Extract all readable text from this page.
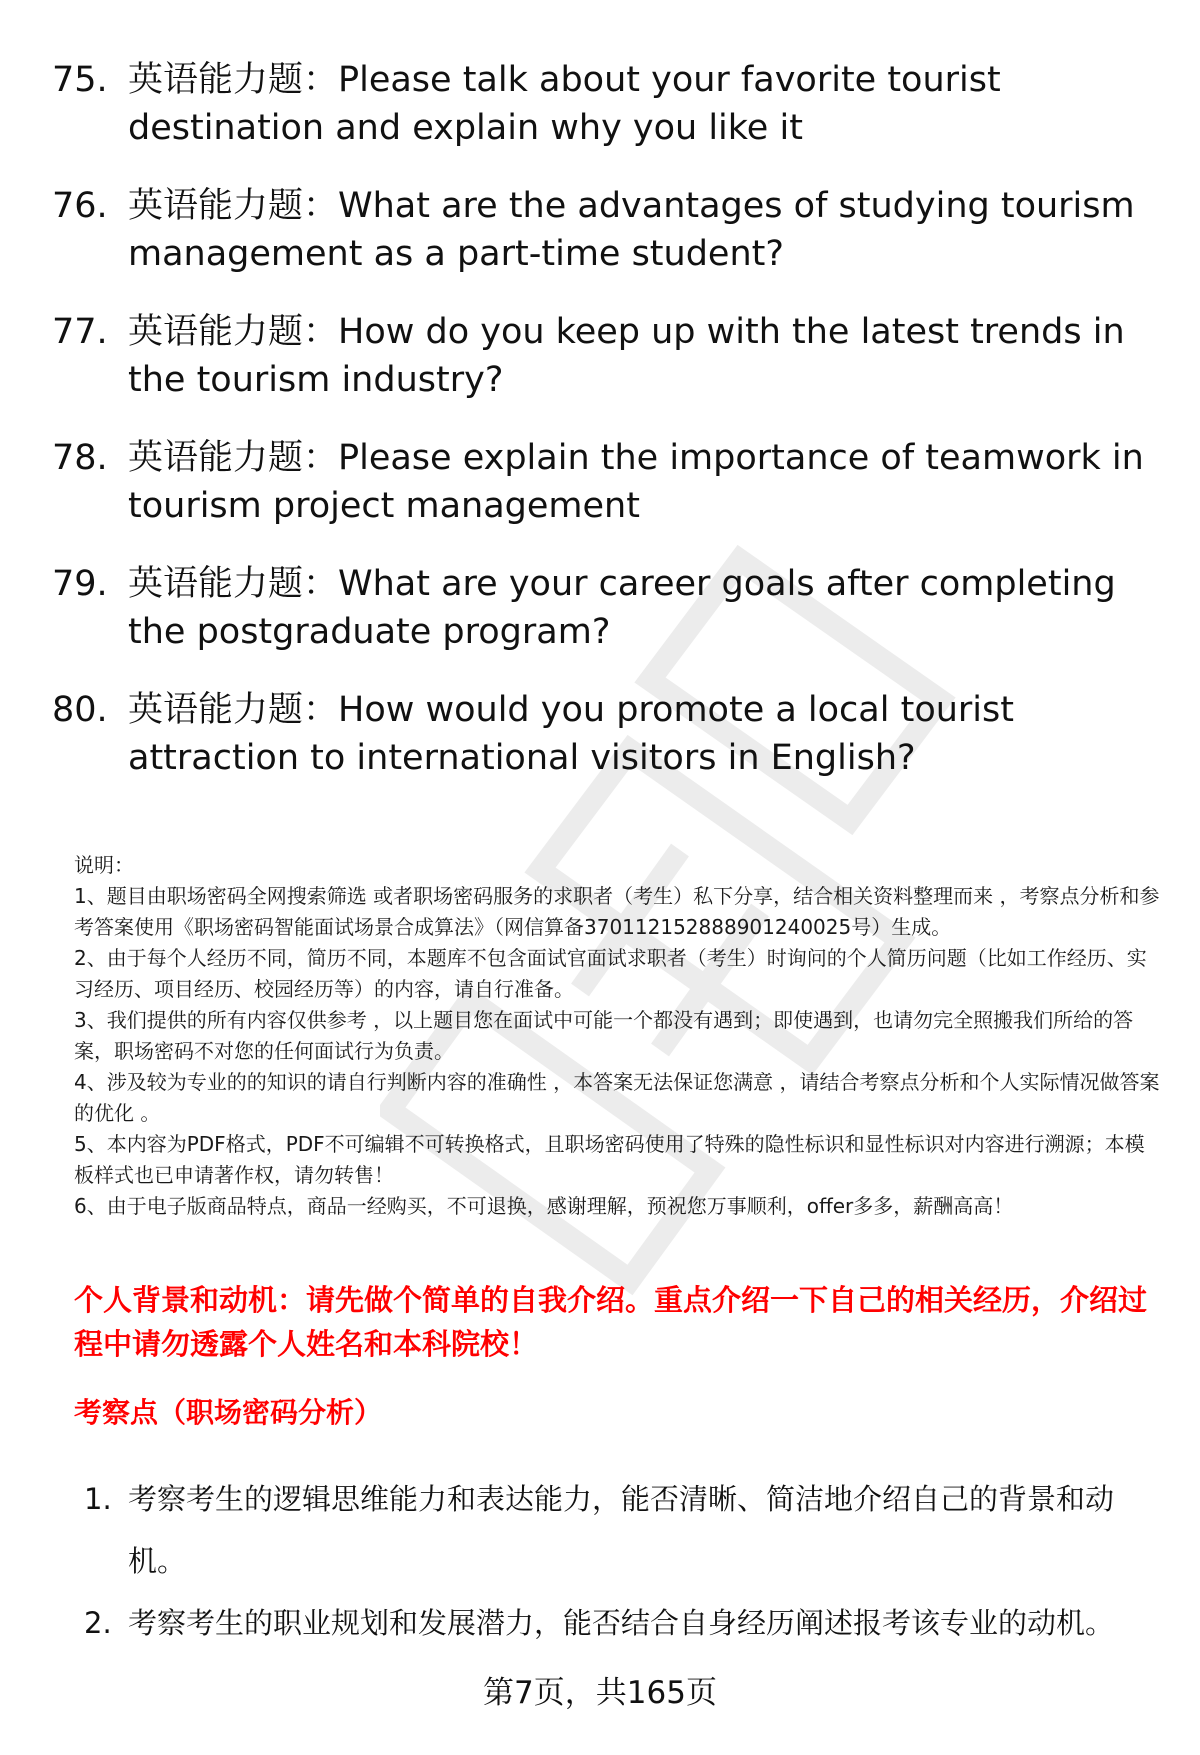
75. 英语能力题：Please talk about your favorite tourist destination and explain why you like it
76. 英语能力题：What are the advantages of studying tourism management as a part-time student?
77. 英语能力题：How do you keep up with the latest trends in the tourism industry?
78. 英语能力题：Please explain the importance of teamwork in tourism project management
79. 英语能力题：What are your career goals after completing the postgraduate program?
80. 英语能力题：How would you promote a local tourist attraction to international visitors in English?

说明：

1、题目由职场密码全网搜索筛选 或者职场密码服务的求职者（考生）私下分享，结合相关资料整理而来 ，考察点分析和参考答案使用《职场密码智能面试场景合成算法》（网信算备370112152888901240025号）生成。

2、由于每个人经历不同，简历不同，本题库不包含面试官面试求职者（考生）时询问的个人简历问题（比如工作经历、实习经历、项目经历、校园经历等）的内容，请自行准备。

3、我们提供的所有内容仅供参考 ，以上题目您在面试中可能一个都没有遇到；即使遇到，也请勿完全照搬我们所给的答案，职场密码不对您的任何面试行为负责。

4、涉及较为专业的的知识的请自行判断内容的准确性 ，本答案无法保证您满意 ，请结合考察点分析和个人实际情况做答案的优化 。

5、本内容为PDF格式，PDF不可编辑不可转换格式，且职场密码使用了特殊的隐性标识和显性标识对内容进行溯源；本模板样式也已申请著作权，请勿转售！

6、由于电子版商品特点，商品一经购买，不可退换，感谢理解，预祝您万事顺利，offer多多，薪酬高高！

个人背景和动机：请先做个简单的自我介绍。重点介绍一下自己的相关经历，介绍过程中请勿透露个人姓名和本科院校！
考察点（职场密码分析）
1. 考察考生的逻辑思维能力和表达能力，能否清晰、简洁地介绍自己的背景和动机。
2. 考察考生的职业规划和发展潜力，能否结合自身经历阐述报考该专业的动机。
第7页，共165页
